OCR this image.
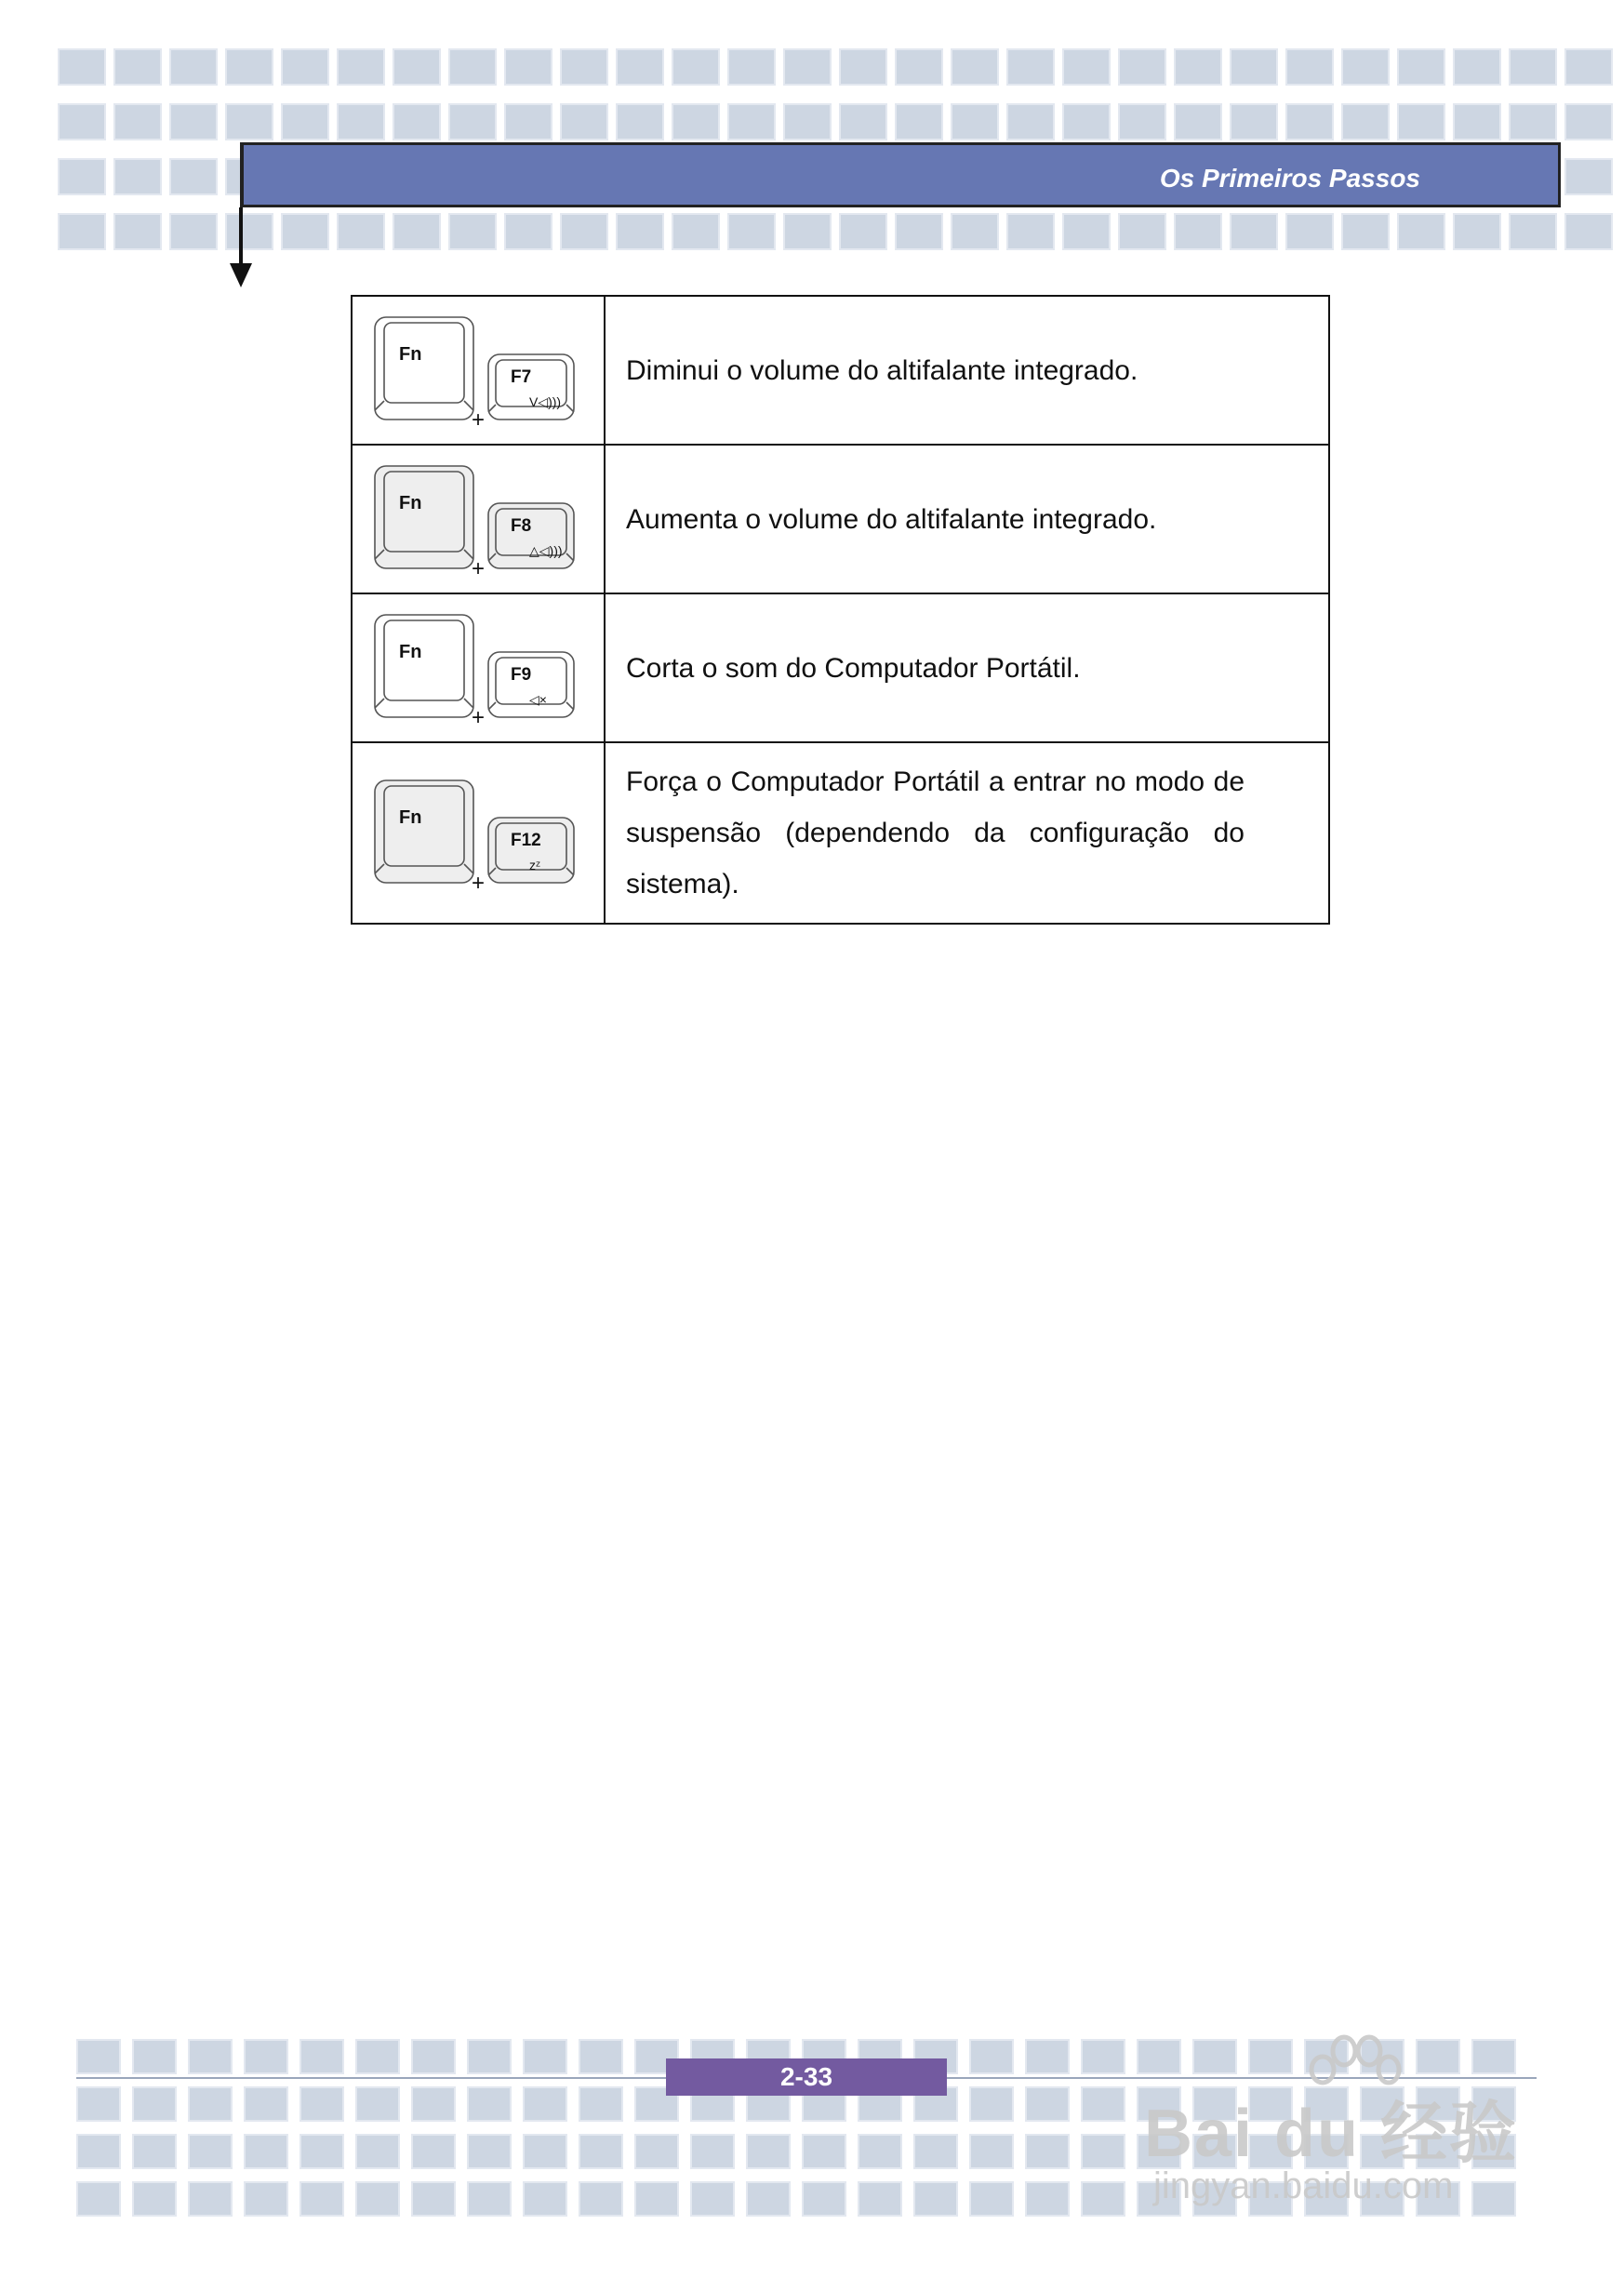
Os Primeiros Passos
Fn
F7
V◁)))
+	Diminui o volume do altifalante integrado.

Fn
F8
△◁)))
+	Aumenta o volume do altifalante integrado.

Fn
F9
◁×
+	Corta o som do Computador Portátil.

Fn
F12
zᶻ
+	Força o Computador Portátil a entrar no modo de suspensão (dependendo da configuração do sistema).
2-33
Bai du 经验
jingyan.baidu.com
